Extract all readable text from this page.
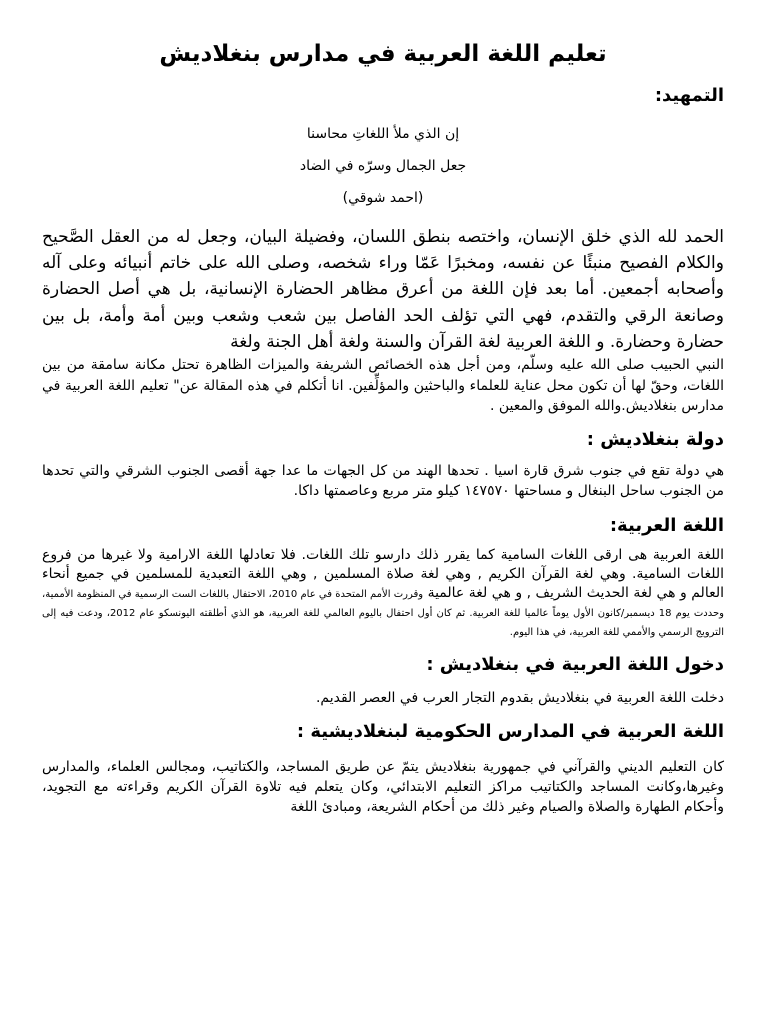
تعليم اللغة العربية في مدارس بنغلاديش
التمهيد:

إن الذي ملأ اللغاتِ محاسنا

جعل الجمال وسرّه في الضاد

(احمد شوقي)

الحمد لله الذي خلق الإنسان، واختصه بنطق اللسان، وفضيلة البيان، وجعل له من العقل الصَّحيح والكلام الفصيح منبئًا عن نفسه، ومخبرًا عَمّا وراء شخصه، وصلى الله على خاتم أنبيائه وعلى آله وأصحابه أجمعين. أما بعد فإن اللغة من أعرق مظاهر الحضارة الإنسانية، بل هي أصل الحضارة وصانعة الرقي والتقدم، فهي التي تؤلف الحد الفاصل بين شعب وشعب وبين أمة وأمة، بل بين حضارة وحضارة. و اللغة العربية لغة القرآن والسنة ولغة أهل الجنة ولغة

النبي الحبيب صلى الله عليه وسلّم، ومن أجل هذه الخصائص الشريفة والميزات الظاهرة تحتل مكانة سامقة من بين اللغات، وحقّ لها أن تكون محل عناية للعلماء والباحثين والمؤلِّفين. انا أتكلم في هذه المقالة عن" تعليم اللغة العربية في مدارس بنغلاديش.والله الموفق والمعين .

دولة بنغلاديش :

هي دولة تقع في جنوب شرق قارة اسيا . تحدها الهند من كل الجهات ما عدا جهة أقصى الجنوب الشرقي والتي تحدها من الجنوب ساحل البنغال و مساحتها ١٤٧٥٧٠ كيلو متر مربع وعاصمتها داكا.

اللغة العربية:

اللغة العربية هى ارقى اللغات السامية كما يقرر ذلك دارسو تلك اللغات. فلا تعادلها اللغة الارامية ولا غيرها من فروع اللغات السامية. وهي لغة القرآن الكريم , وهي لغة صلاة المسلمين , وهي اللغة التعبدية للمسلمين في جميع أنحاء العالم و هي لغة الحديث الشريف , و هي لغة عالمية وقررت الأمم المتحدة في عام 2010، الاحتفال باللغات الست الرسمية في المنظومة الأممية، وحددت يوم 18 ديسمبر/كانون الأول يوماً عالميا للغة العربية. ثم كان أول احتفال باليوم العالمي للغة العربية، هو الذي أطلقته اليونسكو عام 2012، ودعت فيه إلى الترويج الرسمي والأممي للغة العربية، في هذا اليوم.

دخول اللغة العربية في بنغلاديش :

دخلت اللغة العربية في بنغلاديش بقدوم التجار العرب في العصر القديم.

اللغة العربية في المدارس الحكومية لبنغلاديشية :

كان التعليم الديني والقرآني في جمهورية بنغلاديش يتمّ عن طريق المساجد، والكتاتيب، ومجالس العلماء، والمدارس وغيرها،وكانت المساجد والكتاتيب مراكز التعليم الابتدائي، وكان يتعلم فيه تلاوة القرآن الكريم وقراءته مع التجويد، وأحكام الطهارة والصلاة والصيام وغير ذلك من أحكام الشريعة، ومبادئ اللغة
